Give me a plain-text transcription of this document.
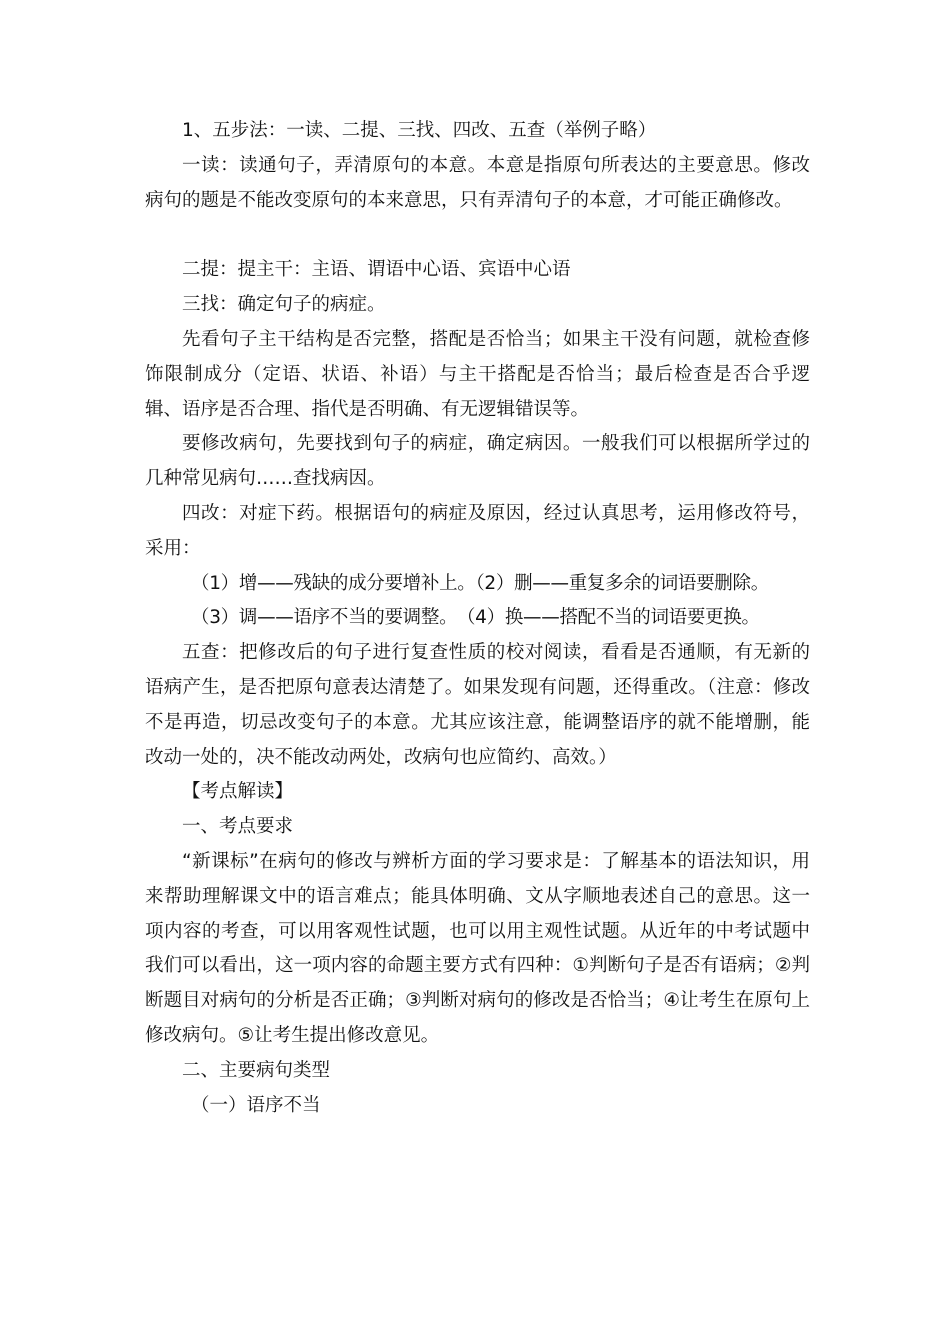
1、五步法：一读、二提、三找、四改、五查（举例子略）

一读：读通句子，弄清原句的本意。本意是指原句所表达的主要意思。修改病句的题是不能改变原句的本来意思，只有弄清句子的本意，才可能正确修改。

二提：提主干：主语、谓语中心语、宾语中心语

三找：确定句子的病症。

先看句子主干结构是否完整，搭配是否恰当；如果主干没有问题，就检查修饰限制成分（定语、状语、补语）与主干搭配是否恰当；最后检查是否合乎逻辑、语序是否合理、指代是否明确、有无逻辑错误等。

要修改病句，先要找到句子的病症，确定病因。一般我们可以根据所学过的几种常见病句……查找病因。

四改：对症下药。根据语句的病症及原因，经过认真思考，运用修改符号，采用：

（1）增——残缺的成分要增补上。（2）删——重复多余的词语要删除。

（3）调——语序不当的要调整。　（4）换——搭配不当的词语要更换。

五查：把修改后的句子进行复查性质的校对阅读，看看是否通顺，有无新的语病产生，是否把原句意表达清楚了。如果发现有问题，还得重改。（注意：修改不是再造，切忌改变句子的本意。尤其应该注意，能调整语序的就不能增删，能改动一处的，决不能改动两处，改病句也应简约、高效。）

【考点解读】

一、考点要求

“新课标”在病句的修改与辨析方面的学习要求是：了解基本的语法知识，用来帮助理解课文中的语言难点；能具体明确、文从字顺地表述自己的意思。这一项内容的考查，可以用客观性试题，也可以用主观性试题。从近年的中考试题中我们可以看出，这一项内容的命题主要方式有四种：①判断句子是否有语病；②判断题目对病句的分析是否正确；③判断对病句的修改是否恰当；④让考生在原句上修改病句。⑤让考生提出修改意见。

二、主要病句类型

（一）语序不当
